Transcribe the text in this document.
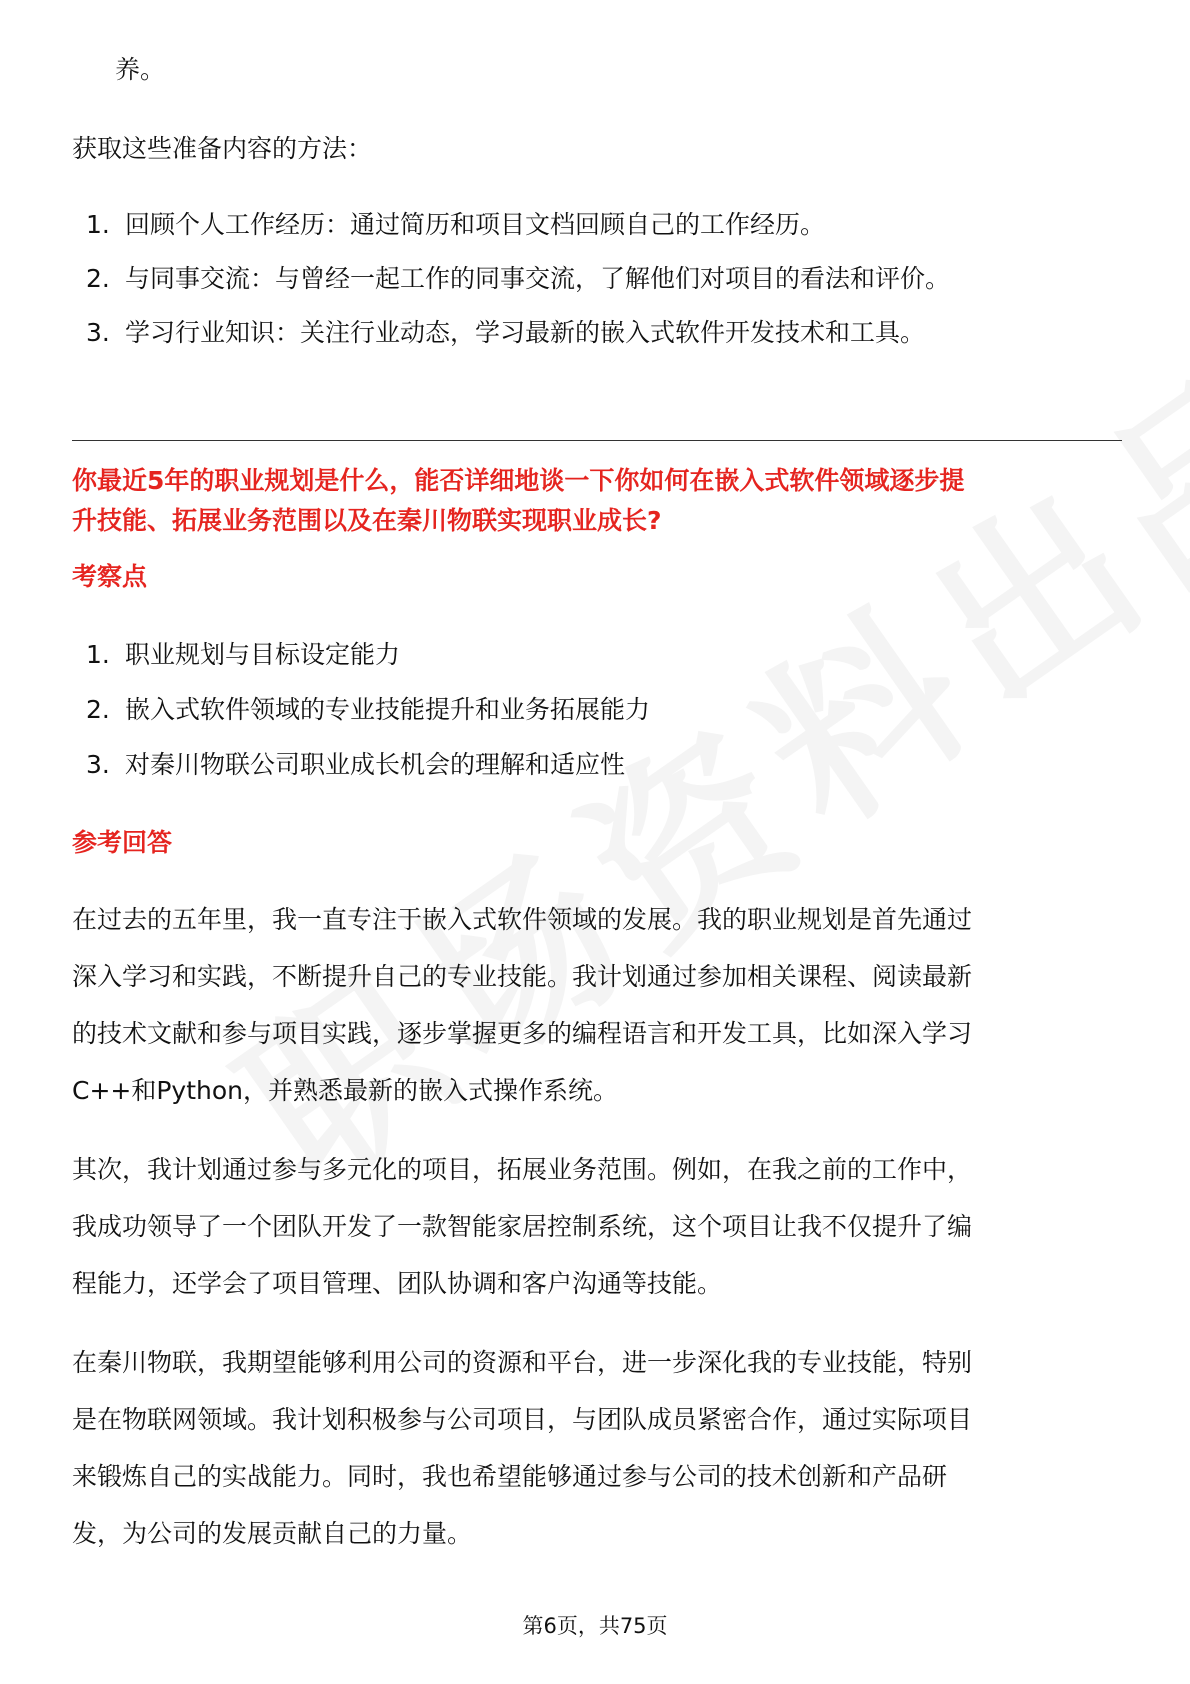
养。
获取这些准备内容的方法：
1. 回顾个人工作经历：通过简历和项目文档回顾自己的工作经历。
2. 与同事交流：与曾经一起工作的同事交流，了解他们对项目的看法和评价。
3. 学习行业知识：关注行业动态，学习最新的嵌入式软件开发技术和工具。
你最近5年的职业规划是什么，能否详细地谈一下你如何在嵌入式软件领域逐步提
升技能、拓展业务范围以及在秦川物联实现职业成长?
考察点
1. 职业规划与目标设定能力
2. 嵌入式软件领域的专业技能提升和业务拓展能力
3. 对秦川物联公司职业成长机会的理解和适应性
参考回答
在过去的五年里，我一直专注于嵌入式软件领域的发展。我的职业规划是首先通过
深入学习和实践，不断提升自己的专业技能。我计划通过参加相关课程、阅读最新
的技术文献和参与项目实践，逐步掌握更多的编程语言和开发工具，比如深入学习
C++和Python，并熟悉最新的嵌入式操作系统。
其次，我计划通过参与多元化的项目，拓展业务范围。例如，在我之前的工作中，
我成功领导了一个团队开发了一款智能家居控制系统，这个项目让我不仅提升了编
程能力，还学会了项目管理、团队协调和客户沟通等技能。
在秦川物联，我期望能够利用公司的资源和平台，进一步深化我的专业技能，特别
是在物联网领域。我计划积极参与公司项目，与团队成员紧密合作，通过实际项目
来锻炼自己的实战能力。同时，我也希望能够通过参与公司的技术创新和产品研
发，为公司的发展贡献自己的力量。
第6页，共75页
